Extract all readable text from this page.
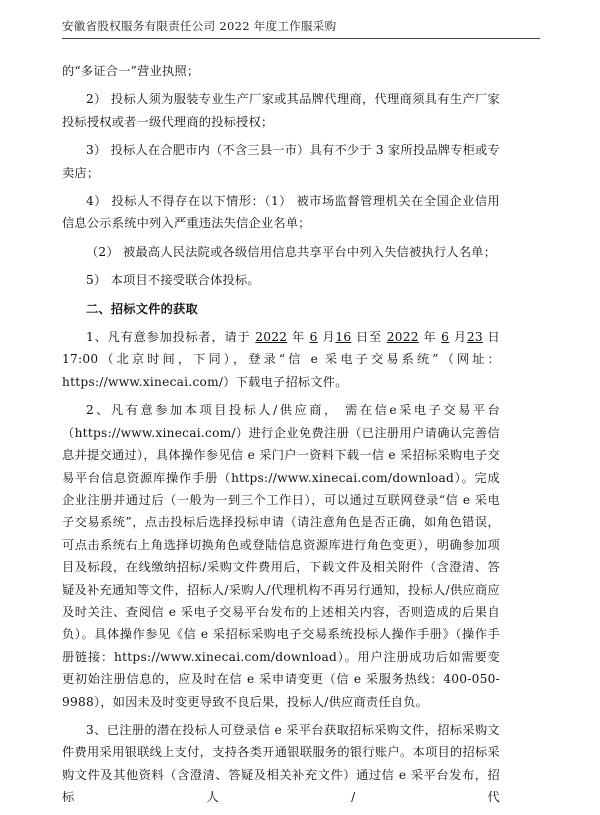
安徽省股权服务有限责任公司 2022 年度工作服采购

的“多证合一”营业执照；

2） 投标人须为服装专业生产厂家或其品牌代理商，代理商须具有生产厂家投标授权或者一级代理商的投标授权；

3） 投标人在合肥市内（不含三县一市）具有不少于 3 家所投品牌专柜或专卖店；

4） 投标人不得存在以下情形：（1） 被市场监督管理机关在全国企业信用信息公示系统中列入严重违法失信企业名单；

（2） 被最高人民法院或各级信用信息共享平台中列入失信被执行人名单；

5） 本项目不接受联合体投标。

二、招标文件的获取

1、凡有意参加投标者，请于 2022 年 6 月16 日至 2022 年 6 月23 日 17:00（北京时间，下同），登录“信 e 采电子交易系统”（网址：https://www.xinecai.com/）下载电子招标文件。

2、凡有意参加本项目投标人/供应商， 需在信e采电子交易平台（https://www.xinecai.com/）进行企业免费注册（已注册用户请确认完善信息并提交通过），具体操作参见信 e 采门户一资料下载一信 e 采招标采购电子交易平台信息资源库操作手册（https://www.xinecai.com/download）。完成企业注册并通过后（一般为一到三个工作日），可以通过互联网登录“信 e 采电子交易系统”，点击投标后选择投标申请（请注意角色是否正确，如角色错误，可点击系统右上角选择切换角色或登陆信息资源库进行角色变更），明确参加项目及标段，在线缴纳招标/采购文件费用后，下载文件及相关附件（含澄清、答疑及补充通知等文件，招标人/采购人/代理机构不再另行通知，投标人/供应商应及时关注、查阅信 e 采电子交易平台发布的上述相关内容，否则造成的后果自负）。具体操作参见《信 e 采招标采购电子交易系统投标人操作手册》（操作手册链接：https://www.xinecai.com/download）。用户注册成功后如需要变更初始注册信息的，应及时在信 e 采申请变更（信 e 采服务热线：400-050-9988），如因未及时变更导致不良后果，投标人/供应商责任自负。

3、已注册的潜在投标人可登录信 e 采平台获取招标采购文件，招标采购文件费用采用银联线上支付，支持各类开通银联服务的银行账户。本项目的招标采购文件及其他资料（含澄清、答疑及相关补充文件）通过信 e 采平台发布，招标人/代
